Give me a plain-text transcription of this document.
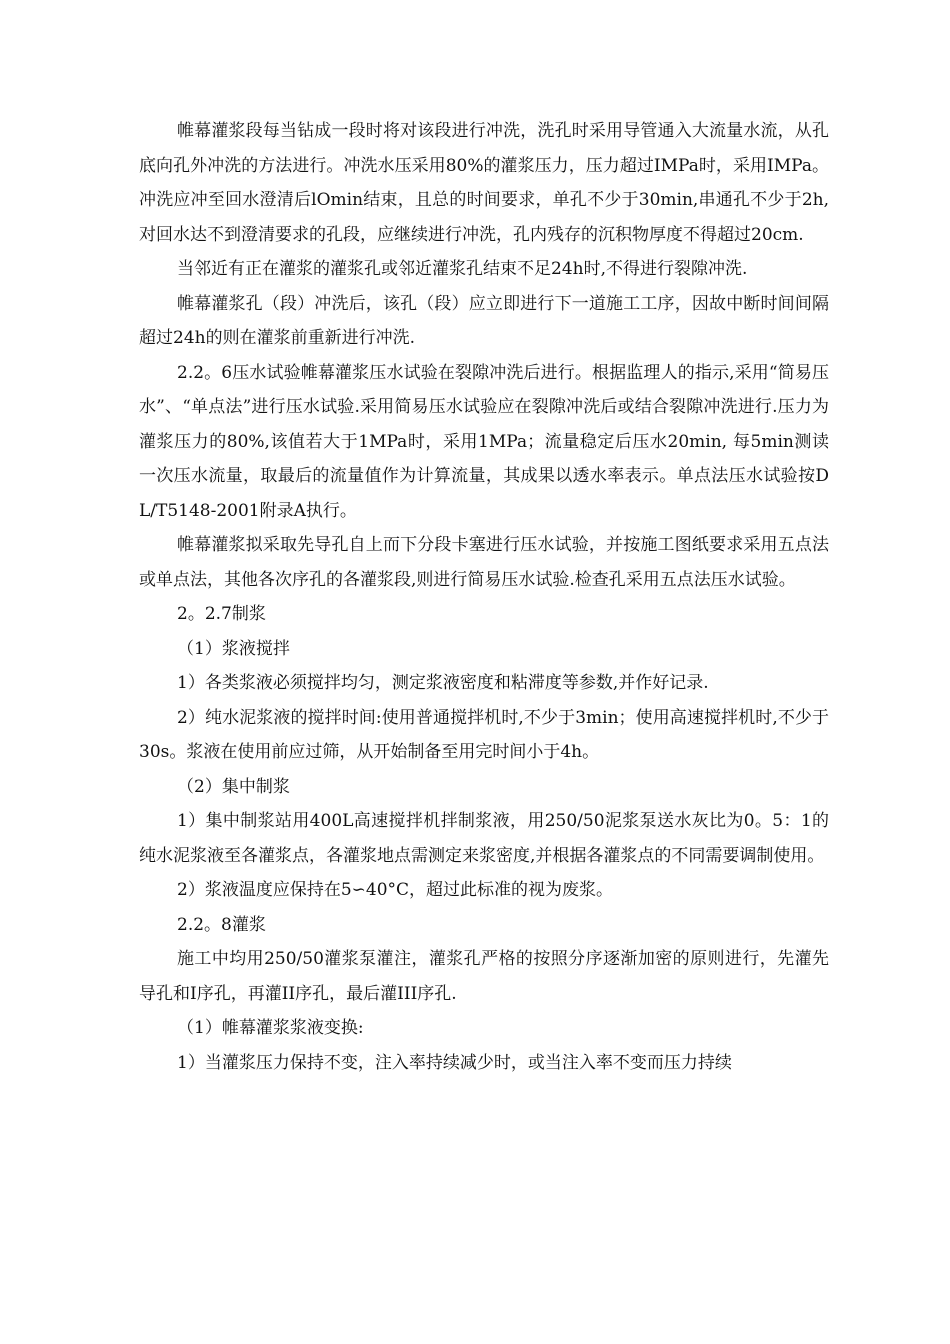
帷幕灌浆段每当钻成一段时将对该段进行冲洗，洗孔时采用导管通入大流量水流，从孔底向孔外冲洗的方法进行。冲洗水压采用80%的灌浆压力，压力超过IMPa时，采用IMPa。冲洗应冲至回水澄清后lOmin结束，且总的时间要求，单孔不少于30min,串通孔不少于2h,对回水达不到澄清要求的孔段，应继续进行冲洗，孔内残存的沉积物厚度不得超过20cm.

当邻近有正在灌浆的灌浆孔或邻近灌浆孔结束不足24h时,不得进行裂隙冲洗.

帷幕灌浆孔（段）冲洗后，该孔（段）应立即进行下一道施工工序，因故中断时间间隔超过24h的则在灌浆前重新进行冲洗.

2.2。6压水试验帷幕灌浆压水试验在裂隙冲洗后进行。根据监理人的指示,采用“简易压水”、“单点法”进行压水试验.采用简易压水试验应在裂隙冲洗后或结合裂隙冲洗进行.压力为灌浆压力的80%,该值若大于1MPa时，采用1MPa；流量稳定后压水20min, 每5min测读一次压水流量，取最后的流量值作为计算流量，其成果以透水率表示。单点法压水试验按DL/T5148-2001附录A执行。

帷幕灌浆拟采取先导孔自上而下分段卡塞进行压水试验，并按施工图纸要求采用五点法或单点法，其他各次序孔的各灌浆段,则进行简易压水试验.检查孔采用五点法压水试验。

2。2.7制浆

（1）浆液搅拌

1）各类浆液必须搅拌均匀，测定浆液密度和粘滞度等参数,并作好记录.

2）纯水泥浆液的搅拌时间:使用普通搅拌机时,不少于3min；使用高速搅拌机时,不少于30s。浆液在使用前应过筛，从开始制备至用完时间小于4h。

（2）集中制浆

1）集中制浆站用400L高速搅拌机拌制浆液，用250/50泥浆泵送水灰比为0。5：1的纯水泥浆液至各灌浆点，各灌浆地点需测定来浆密度,并根据各灌浆点的不同需要调制使用。

2）浆液温度应保持在5∽40°C，超过此标准的视为废浆。

2.2。8灌浆

施工中均用250/50灌浆泵灌注，灌浆孔严格的按照分序逐渐加密的原则进行，先灌先导孔和I序孔，再灌II序孔，最后灌III序孔.

（1）帷幕灌浆浆液变换:

1）当灌浆压力保持不变，注入率持续减少时，或当注入率不变而压力持续
